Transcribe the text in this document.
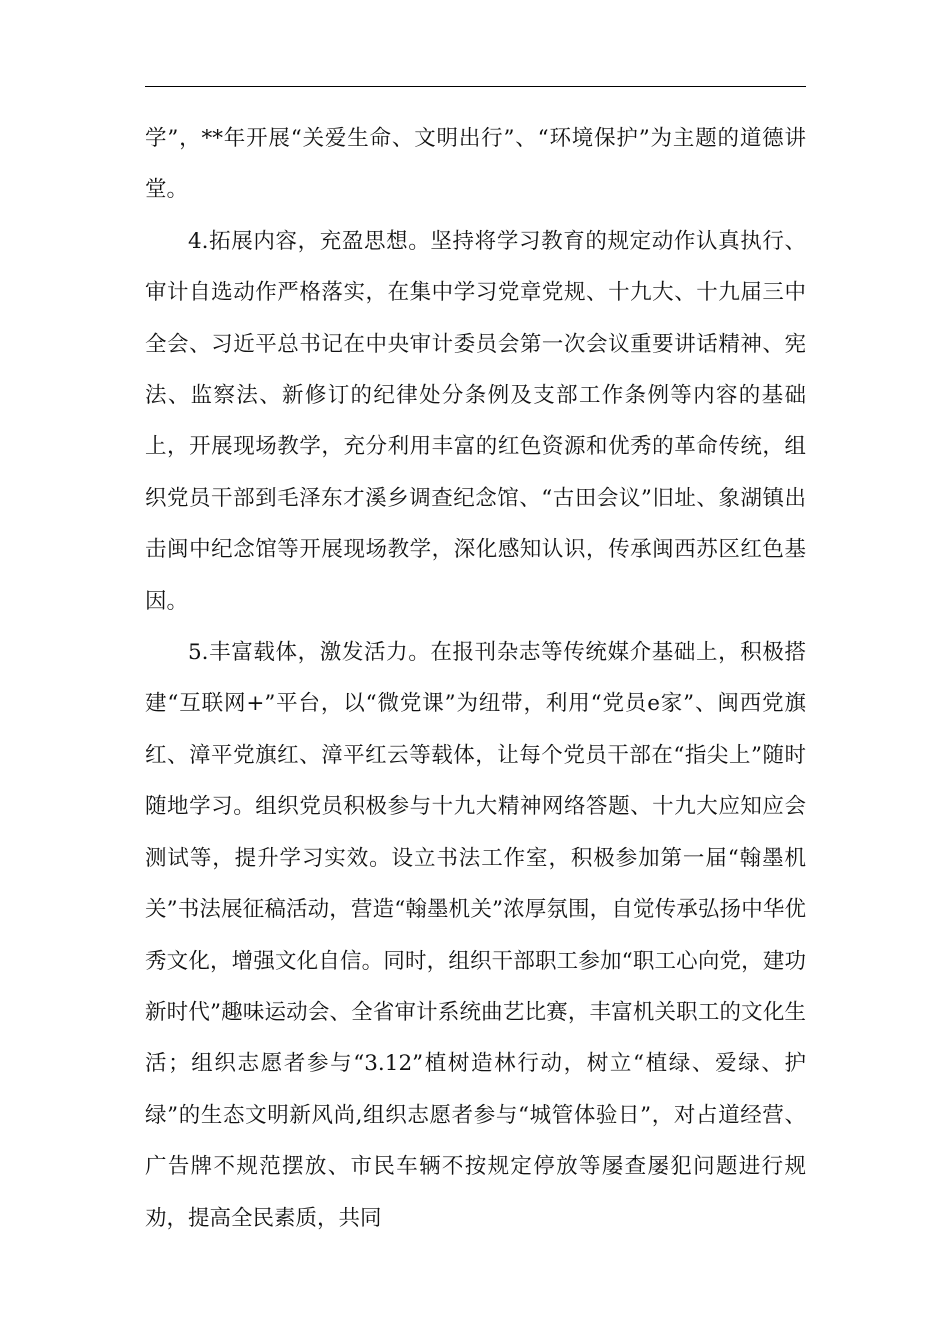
学”，**年开展“关爱生命、文明出行”、“环境保护”为主题的道德讲堂。

4.拓展内容，充盈思想。坚持将学习教育的规定动作认真执行、审计自选动作严格落实，在集中学习党章党规、十九大、十九届三中全会、习近平总书记在中央审计委员会第一次会议重要讲话精神、宪法、监察法、新修订的纪律处分条例及支部工作条例等内容的基础上，开展现场教学，充分利用丰富的红色资源和优秀的革命传统，组织党员干部到毛泽东才溪乡调查纪念馆、“古田会议”旧址、象湖镇出击闽中纪念馆等开展现场教学，深化感知认识，传承闽西苏区红色基因。

5.丰富载体，激发活力。在报刊杂志等传统媒介基础上，积极搭建“互联网+”平台，以“微党课”为纽带，利用“党员e家”、闽西党旗红、漳平党旗红、漳平红云等载体，让每个党员干部在“指尖上”随时随地学习。组织党员积极参与十九大精神网络答题、十九大应知应会测试等，提升学习实效。设立书法工作室，积极参加第一届“翰墨机关”书法展征稿活动，营造“翰墨机关”浓厚氛围，自觉传承弘扬中华优秀文化，增强文化自信。同时，组织干部职工参加“职工心向党，建功新时代”趣味运动会、全省审计系统曲艺比赛，丰富机关职工的文化生活；组织志愿者参与“3.12”植树造林行动，树立“植绿、爱绿、护绿”的生态文明新风尚,组织志愿者参与“城管体验日”，对占道经营、广告牌不规范摆放、市民车辆不按规定停放等屡查屡犯问题进行规劝，提高全民素质，共同
